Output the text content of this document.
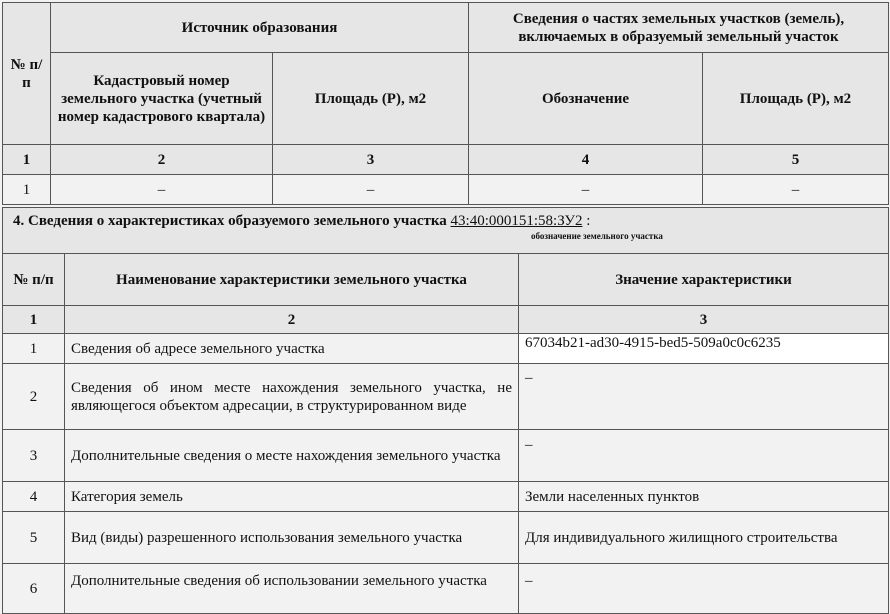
№ п/п	Источник образования		Сведения о частях земельных участков (земель), включаемых в образуемый земельный участок	
	Кадастровый номер земельного участка (учетный номер кадастрового квартала)	Площадь (Р), м2	Обозначение	Площадь (Р), м2
1	2	3	4	5
1	–	–	–	–
4. Сведения о характеристиках образуемого земельного участка 43:40:000151:58:ЗУ2 :
обозначение земельного участка		

№ п/п	Наименование характеристики земельного участка	Значение характеристики
1	2	3
1	Сведения об адресе земельного участка	67034b21-ad30-4915-bed5-509a0c0c6235
2	Сведения об ином месте нахождения земельного участка, не являющегося объектом адресации, в структурированном виде	–
3	Дополнительные сведения о месте нахождения земельного участка	–
4	Категория земель	Земли населенных пунктов
5	Вид (виды) разрешенного использования земельного участка	Для индивидуального жилищного строительства
6	Дополнительные сведения об использовании земельного участка	–
